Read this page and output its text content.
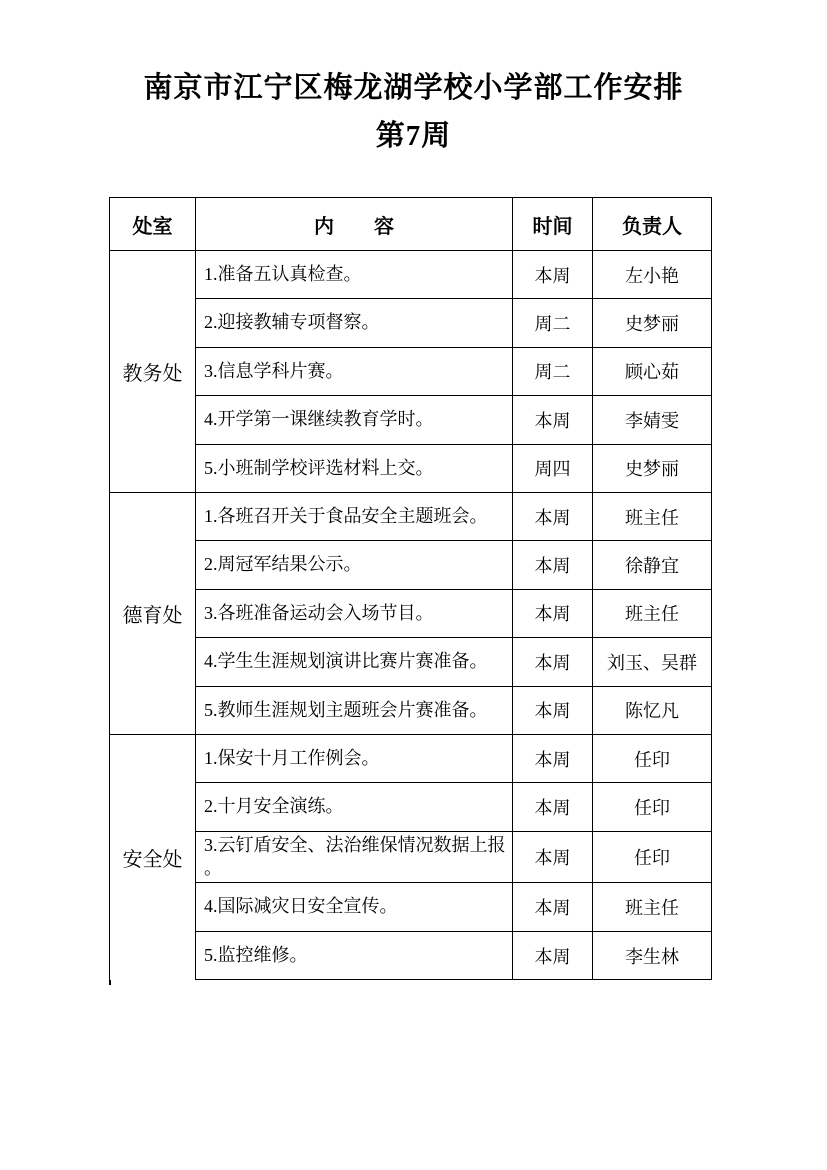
南京市江宁区梅龙湖学校小学部工作安排
第7周
处室	内　　容	时间	负责人
教务处	1.准备五认真检查。	本周	左小艳
	2.迎接教辅专项督察。	周二	史梦丽
	3.信息学科片赛。	周二	顾心茹
	4.开学第一课继续教育学时。	本周	李婧雯
	5.小班制学校评选材料上交。	周四	史梦丽
德育处	1.各班召开关于食品安全主题班会。	本周	班主任
	2.周冠军结果公示。	本周	徐静宜
	3.各班准备运动会入场节目。	本周	班主任
	4.学生生涯规划演讲比赛片赛准备。	本周	刘玉、吴群
	5.教师生涯规划主题班会片赛准备。	本周	陈忆凡
安全处	1.保安十月工作例会。	本周	任印
	2.十月安全演练。	本周	任印
	3.云钉盾安全、法治维保情况数据上报。	本周	任印
	4.国际减灾日安全宣传。	本周	班主任
	5.监控维修。	本周	李生林
